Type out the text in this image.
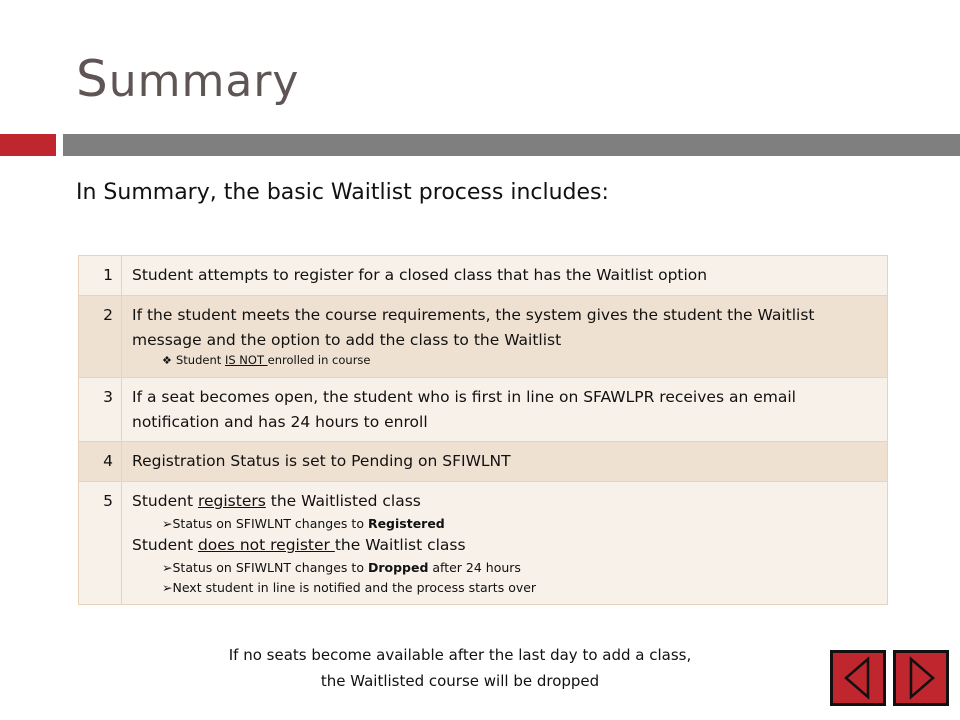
Summary
In Summary, the basic Waitlist process includes:
1	Student attempts to register for a closed class that has the Waitlist option
2	If the student meets the course requirements, the system gives the student the Waitlist message and the option to add the class to the Waitlist
❖ Student IS NOT enrolled in course

3	If a seat becomes open, the student who is first in line on SFAWLPR receives an email notification and has 24 hours to enroll
4	Registration Status is set to Pending on SFIWLNT
5	Student registers the Waitlisted class
➢Status on SFIWLNT changes to Registered
Student does not register the Waitlist class
➢Status on SFIWLNT changes to Dropped after 24 hours
➢Next student in line is notified and the process starts over
If no seats become available after the last day to add a class,
the Waitlisted course will be dropped
